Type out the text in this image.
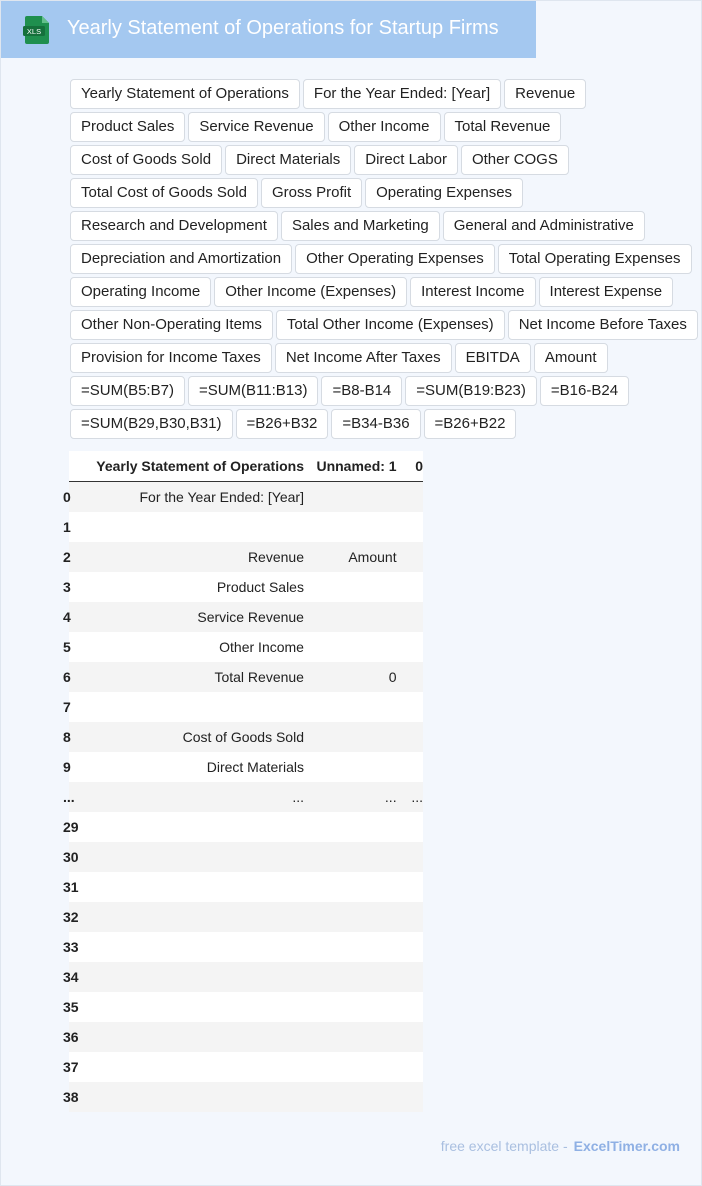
XLS Yearly Statement of Operations for Startup Firms
Yearly Statement of Operations	For the Year Ended: [Year]	Revenue
Product Sales	Service Revenue	Other Income	Total Revenue
Cost of Goods Sold	Direct Materials	Direct Labor	Other COGS
Total Cost of Goods Sold	Gross Profit	Operating Expenses
Research and Development	Sales and Marketing	General and Administrative
Depreciation and Amortization	Other Operating Expenses	Total Operating Expenses
Operating Income	Other Income (Expenses)	Interest Income	Interest Expense
Other Non-Operating Items	Total Other Income (Expenses)	Net Income Before Taxes
Provision for Income Taxes	Net Income After Taxes	EBITDA	Amount
=SUM(B5:B7)	=SUM(B11:B13)	=B8-B14	=SUM(B19:B23)	=B16-B24
=SUM(B29,B30,B31)	=B26+B32	=B34-B36	=B26+B22
	Yearly Statement of Operations	Unnamed: 1	0

0	For the Year Ended: [Year]		

1			

2	Revenue	Amount	

3	Product Sales		

4	Service Revenue		

5	Other Income		

6	Total Revenue	0	

7			

8	Cost of Goods Sold		

9	Direct Materials		

...	...	...	...

29			

30			

31			

32			

33			

34			

35			

36			

37			

38			

free excel template - ExcelTimer.com
